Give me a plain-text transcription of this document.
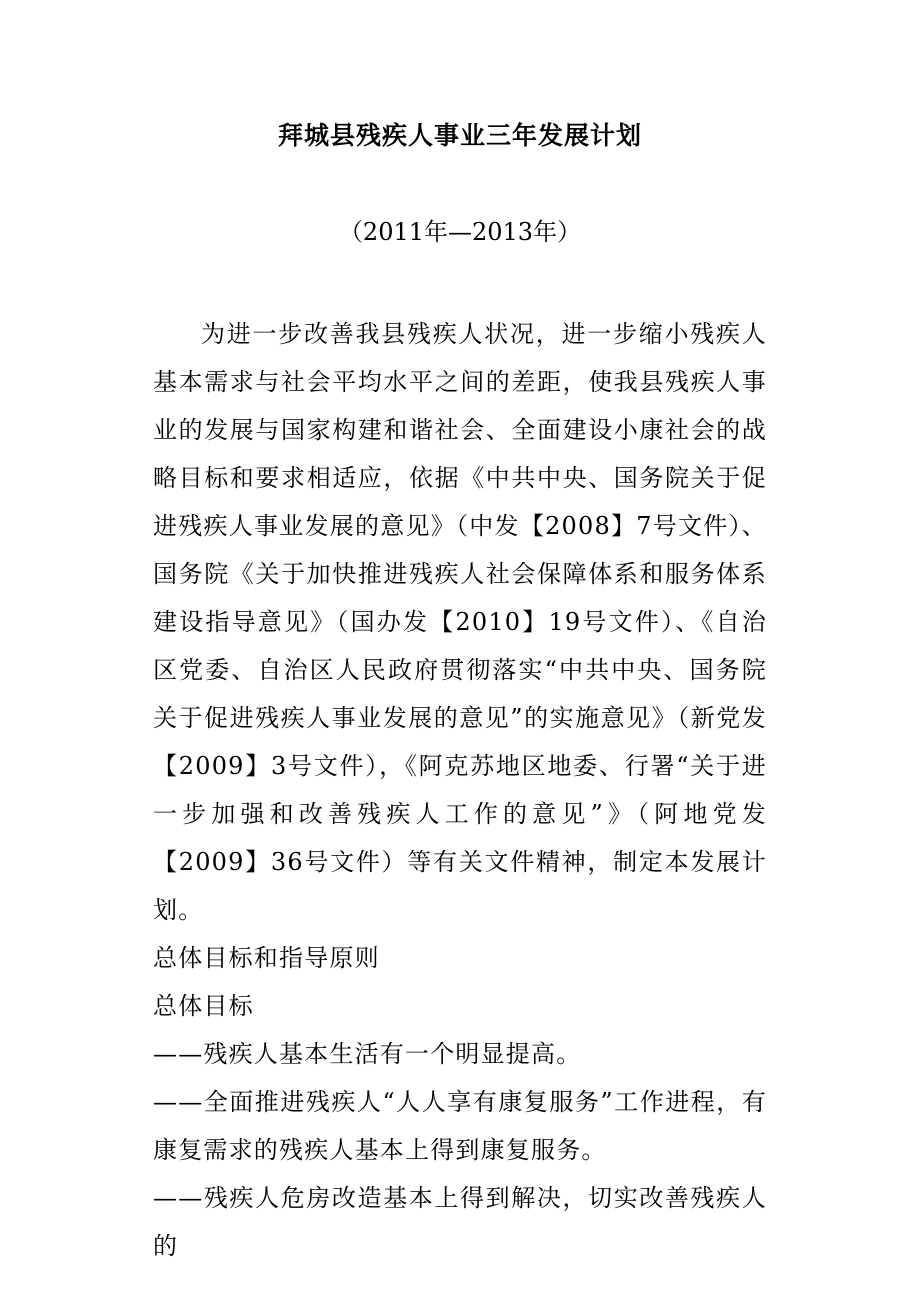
拜城县残疾人事业三年发展计划
（2011年—2013年）

为进一步改善我县残疾人状况，进一步缩小残疾人基本需求与社会平均水平之间的差距，使我县残疾人事业的发展与国家构建和谐社会、全面建设小康社会的战略目标和要求相适应，依据《中共中央、国务院关于促进残疾人事业发展的意见》（中发【2008】7号文件）、国务院《关于加快推进残疾人社会保障体系和服务体系建设指导意见》（国办发【2010】19号文件）、《自治区党委、自治区人民政府贯彻落实“中共中央、国务院关于促进残疾人事业发展的意见”的实施意见》（新党发【2009】3号文件），《阿克苏地区地委、行署“关于进一步加强和改善残疾人工作的意见”》（阿地党发【2009】36号文件）等有关文件精神，制定本发展计划。

总体目标和指导原则

总体目标

——残疾人基本生活有一个明显提高。

——全面推进残疾人“人人享有康复服务”工作进程，有康复需求的残疾人基本上得到康复服务。

——残疾人危房改造基本上得到解决，切实改善残疾人的
